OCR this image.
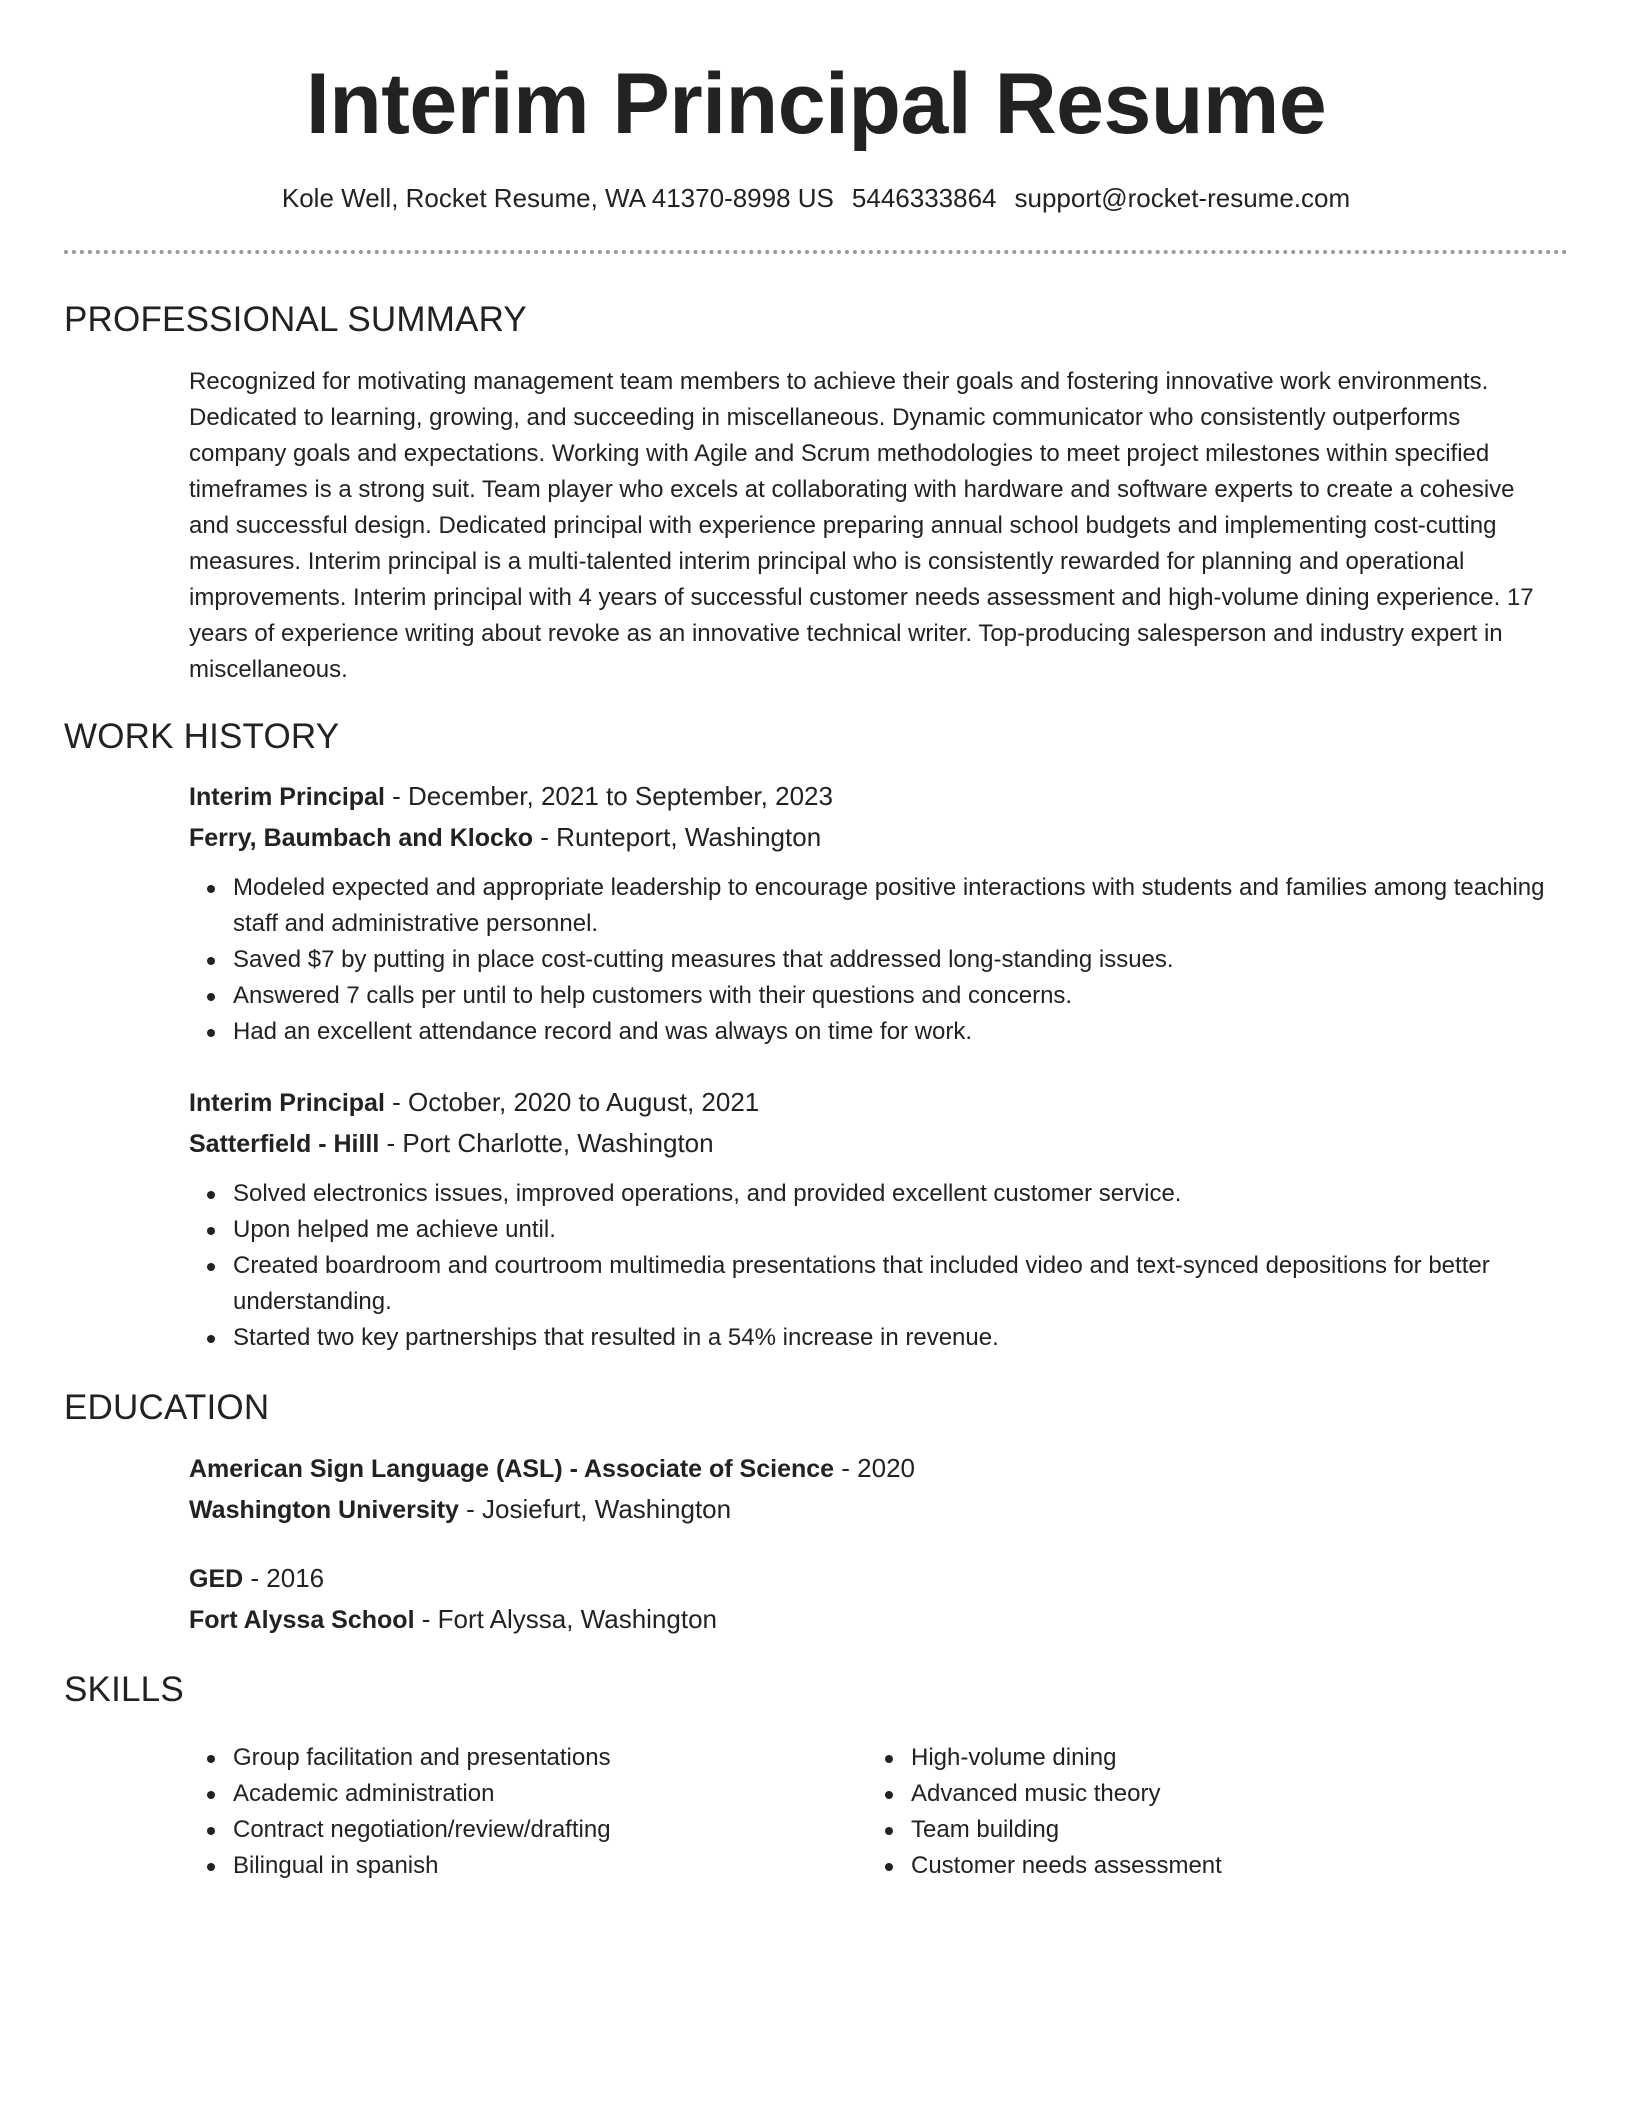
Interim Principal Resume
Kole Well, Rocket Resume, WA 41370-8998 US 5446333864 support@rocket-resume.com
PROFESSIONAL SUMMARY

Recognized for motivating management team members to achieve their goals and fostering innovative work environments. Dedicated to learning, growing, and succeeding in miscellaneous. Dynamic communicator who consistently outperforms company goals and expectations. Working with Agile and Scrum methodologies to meet project milestones within specified timeframes is a strong suit. Team player who excels at collaborating with hardware and software experts to create a cohesive and successful design. Dedicated principal with experience preparing annual school budgets and implementing cost-cutting measures. Interim principal is a multi-talented interim principal who is consistently rewarded for planning and operational improvements. Interim principal with 4 years of successful customer needs assessment and high-volume dining experience. 17 years of experience writing about revoke as an innovative technical writer. Top-producing salesperson and industry expert in miscellaneous.

WORK HISTORY
Interim Principal - December, 2021 to September, 2023
Ferry, Baumbach and Klocko - Runteport, Washington
Modeled expected and appropriate leadership to encourage positive interactions with students and families among teaching staff and administrative personnel.
Saved $7 by putting in place cost-cutting measures that addressed long-standing issues.
Answered 7 calls per until to help customers with their questions and concerns.
Had an excellent attendance record and was always on time for work.
Interim Principal - October, 2020 to August, 2021
Satterfield - Hilll - Port Charlotte, Washington
Solved electronics issues, improved operations, and provided excellent customer service.
Upon helped me achieve until.
Created boardroom and courtroom multimedia presentations that included video and text-synced depositions for better understanding.
Started two key partnerships that resulted in a 54% increase in revenue.
EDUCATION
American Sign Language (ASL) - Associate of Science - 2020
Washington University - Josiefurt, Washington
GED - 2016
Fort Alyssa School - Fort Alyssa, Washington
SKILLS
Group facilitation and presentations
Academic administration
Contract negotiation/review/drafting
Bilingual in spanish
High-volume dining
Advanced music theory
Team building
Customer needs assessment
